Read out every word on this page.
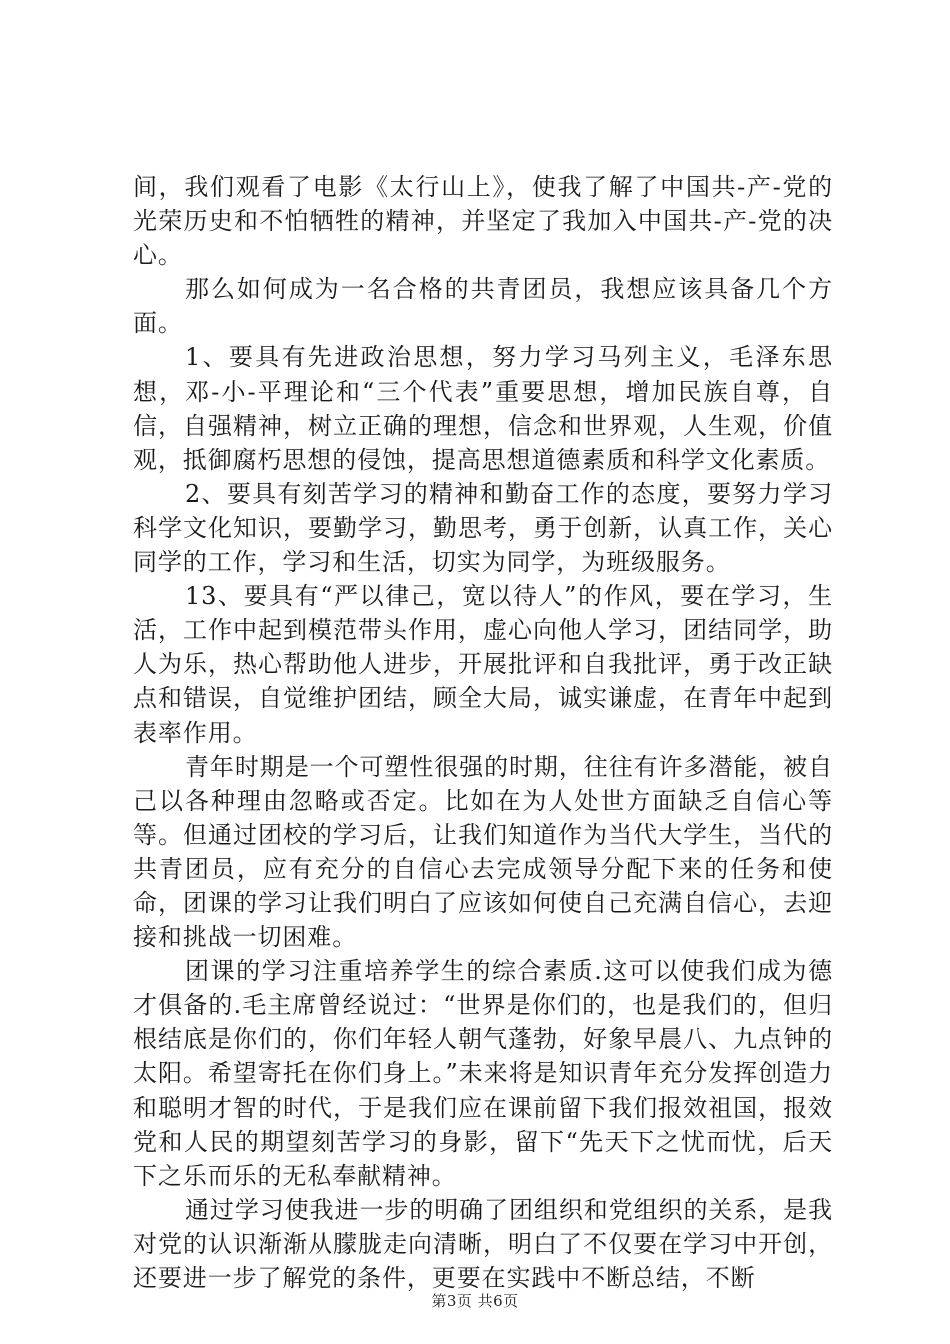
间，我们观看了电影《太行山上》，使我了解了中国共-产-党的光荣历史和不怕牺牲的精神，并坚定了我加入中国共-产-党的决心。

那么如何成为一名合格的共青团员，我想应该具备几个方面。

1、要具有先进政治思想，努力学习马列主义，毛泽东思想，邓-小-平理论和“三个代表”重要思想，增加民族自尊，自信，自强精神，树立正确的理想，信念和世界观，人生观，价值观，抵御腐朽思想的侵蚀，提高思想道德素质和科学文化素质。

2、要具有刻苦学习的精神和勤奋工作的态度，要努力学习科学文化知识，要勤学习，勤思考，勇于创新，认真工作，关心同学的工作，学习和生活，切实为同学，为班级服务。

13、要具有“严以律己，宽以待人”的作风，要在学习，生活，工作中起到模范带头作用，虚心向他人学习，团结同学，助人为乐，热心帮助他人进步，开展批评和自我批评，勇于改正缺点和错误，自觉维护团结，顾全大局，诚实谦虚，在青年中起到表率作用。

青年时期是一个可塑性很强的时期，往往有许多潜能，被自己以各种理由忽略或否定。比如在为人处世方面缺乏自信心等等。但通过团校的学习后，让我们知道作为当代大学生，当代的共青团员，应有充分的自信心去完成领导分配下来的任务和使命，团课的学习让我们明白了应该如何使自己充满自信心，去迎接和挑战一切困难。

团课的学习注重培养学生的综合素质.这可以使我们成为德才俱备的.毛主席曾经说过：“世界是你们的，也是我们的，但归根结底是你们的，你们年轻人朝气蓬勃，好象早晨八、九点钟的太阳。希望寄托在你们身上。”未来将是知识青年充分发挥创造力和聪明才智的时代，于是我们应在课前留下我们报效祖国，报效党和人民的期望刻苦学习的身影，留下“先天下之忧而忧，后天下之乐而乐的无私奉献精神。

通过学习使我进一步的明确了团组织和党组织的关系，是我对党的认识渐渐从朦胧走向清晰，明白了不仅要在学习中开创，还要进一步了解党的条件，更要在实践中不断总结，不断

第3页 共6页
